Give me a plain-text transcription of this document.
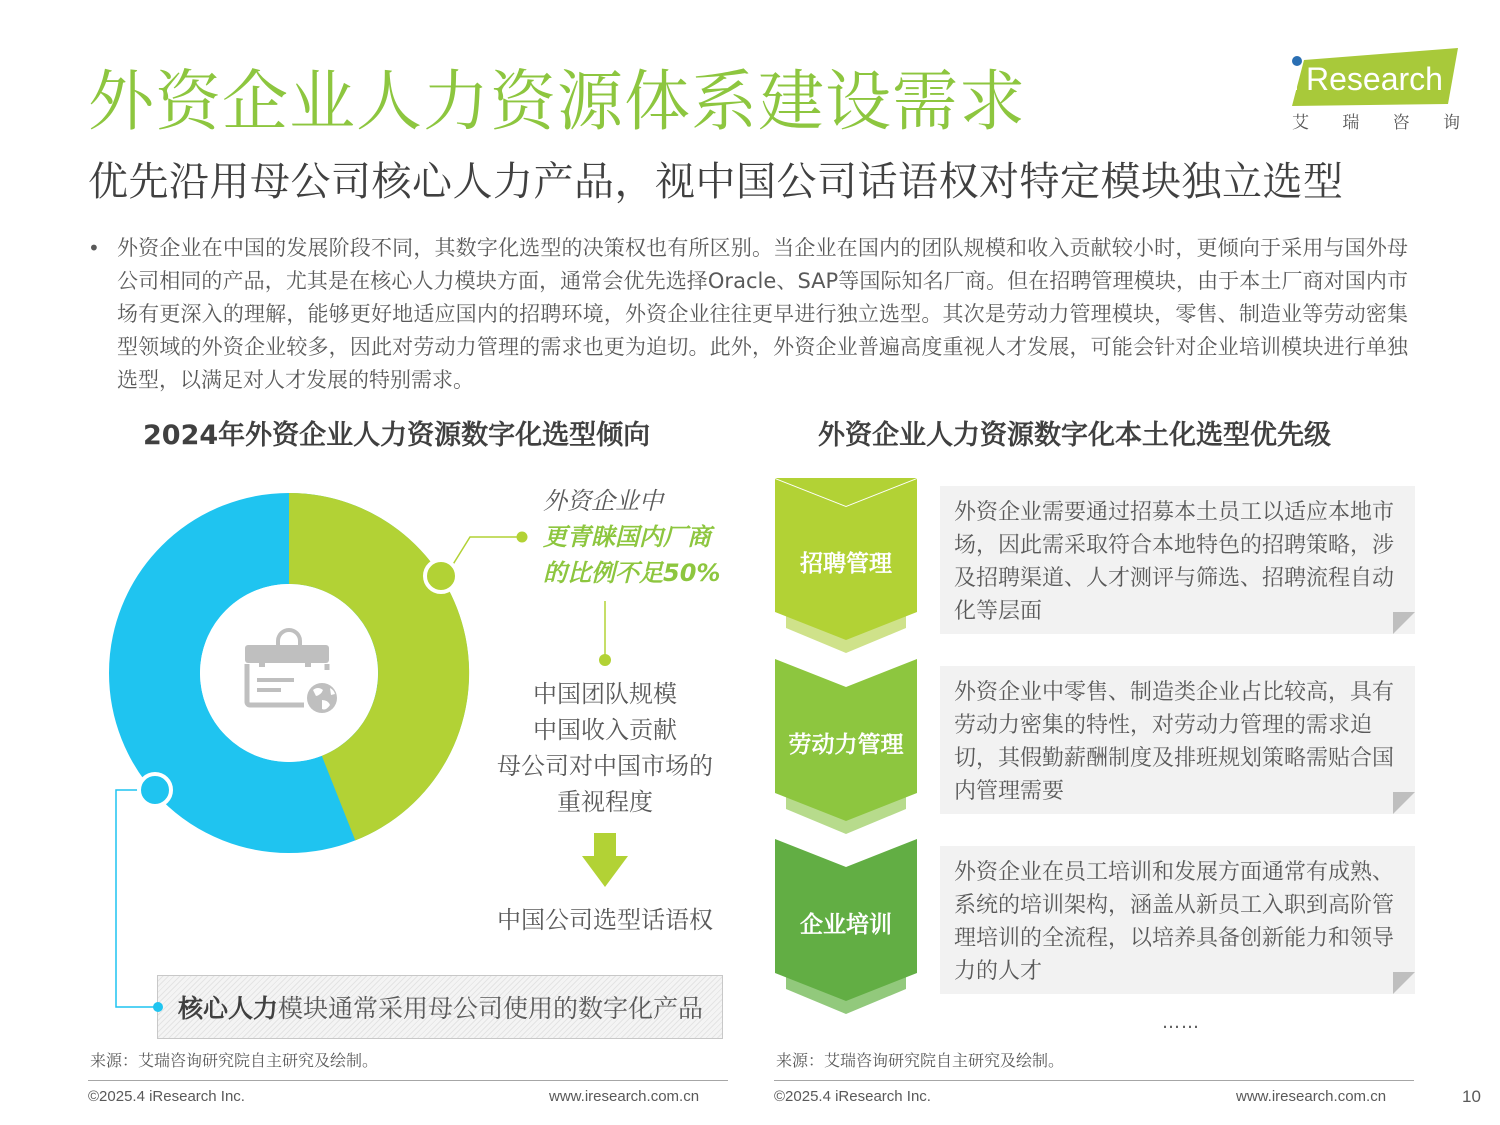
外资企业人力资源体系建设需求
优先沿用母公司核心人力产品，视中国公司话语权对特定模块独立选型
i Research
艾 瑞 咨 询
• 外资企业在中国的发展阶段不同，其数字化选型的决策权也有所区别。当企业在国内的团队规模和收入贡献较小时，更倾向于采用与国外母公司相同的产品，尤其是在核心人力模块方面，通常会优先选择Oracle、SAP等国际知名厂商。但在招聘管理模块，由于本土厂商对国内市场有更深入的理解，能够更好地适应国内的招聘环境，外资企业往往更早进行独立选型。其次是劳动力管理模块，零售、制造业等劳动密集型领域的外资企业较多，因此对劳动力管理的需求也更为迫切。此外，外资企业普遍高度重视人才发展，可能会针对企业培训模块进行单独选型，以满足对人才发展的特别需求。
2024年外资企业人力资源数字化选型倾向	外资企业人力资源数字化本土化选型优先级
外资企业中
更青睐国内厂商
的比例不足50%
中国团队规模
中国收入贡献
母公司对中国市场的
重视程度
中国公司选型话语权
核心人力 模块通常采用母公司使用的数字化产品
来源：艾瑞咨询研究院自主研究及绘制。
招聘管理
劳动力管理
企业培训
外资企业需要通过招募本土员工以适应本地市场，因此需采取符合本地特色的招聘策略，涉及招聘渠道、人才测评与筛选、招聘流程自动化等层面
外资企业中零售、制造类企业占比较高，具有劳动力密集的特性，对劳动力管理的需求迫切，其假勤薪酬制度及排班规划策略需贴合国内管理需要
外资企业在员工培训和发展方面通常有成熟、系统的培训架构，涵盖从新员工入职到高阶管理培训的全流程，以培养具备创新能力和领导力的人才
……
来源：艾瑞咨询研究院自主研究及绘制。
©2025.4 iResearch Inc.	www.iresearch.com.cn	©2025.4 iResearch Inc.	www.iresearch.com.cn	10
